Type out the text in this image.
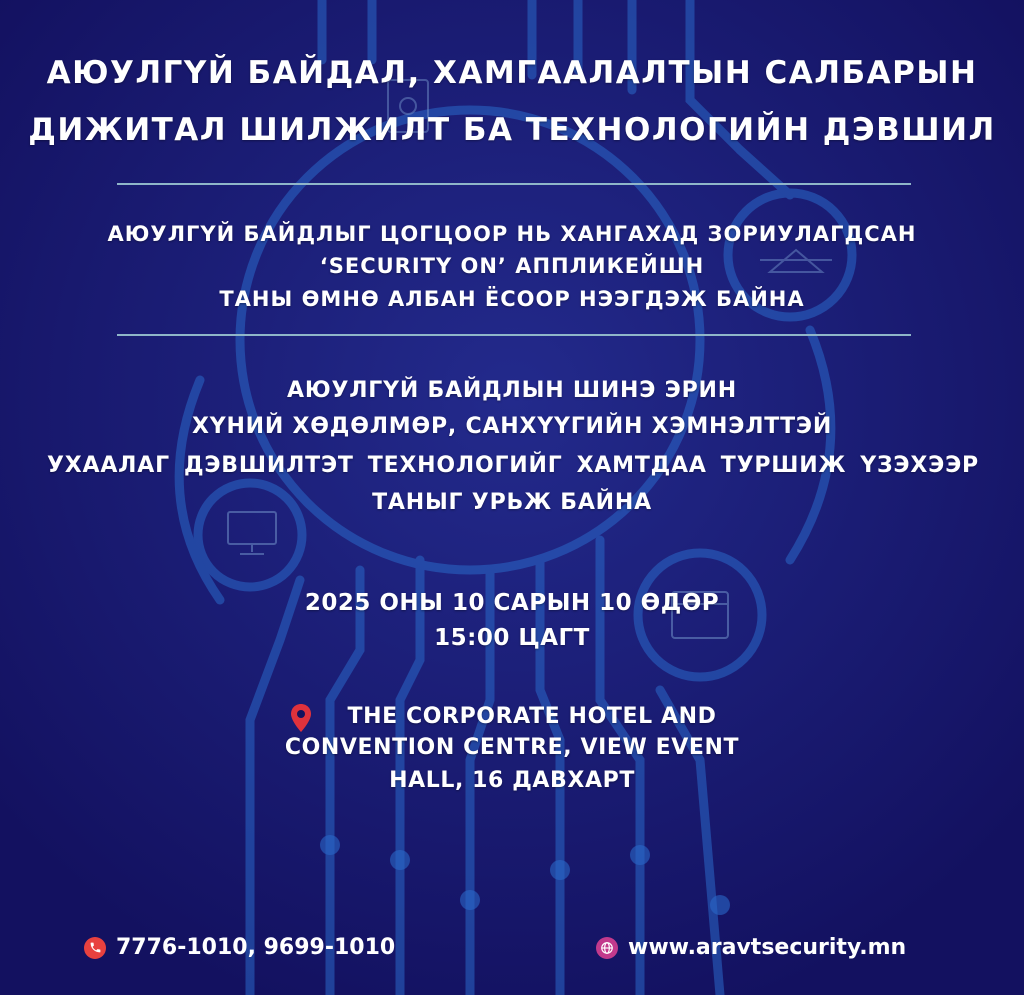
АЮУЛГҮЙ БАЙДАЛ, ХАМГААЛАЛТЫН САЛБАРЫН
ДИЖИТАЛ ШИЛЖИЛТ БА ТЕХНОЛОГИЙН ДЭВШИЛ
АЮУЛГҮЙ БАЙДЛЫГ ЦОГЦООР НЬ ХАНГАХАД ЗОРИУЛАГДСАН
‘SECURITY ON’ АППЛИКЕЙШН
ТАНЫ ӨМНӨ АЛБАН ЁСООР НЭЭГДЭЖ БАЙНА
АЮУЛГҮЙ БАЙДЛЫН ШИНЭ ЭРИН
ХҮНИЙ ХӨДӨЛМӨР, САНХҮҮГИЙН ХЭМНЭЛТТЭЙ
УХААЛАГ ДЭВШИЛТЭТ ТЕХНОЛОГИЙГ ХАМТДАА ТУРШИЖ ҮЗЭХЭЭР
ТАНЫГ УРЬЖ БАЙНА
2025 ОНЫ 10 САРЫН 10 ӨДӨР
15:00 ЦАГТ
THE CORPORATE HOTEL AND
CONVENTION CENTRE, VIEW EVENT
HALL, 16 ДАВХАРТ
7776-1010, 9699-1010	www.aravtsecurity.mn
